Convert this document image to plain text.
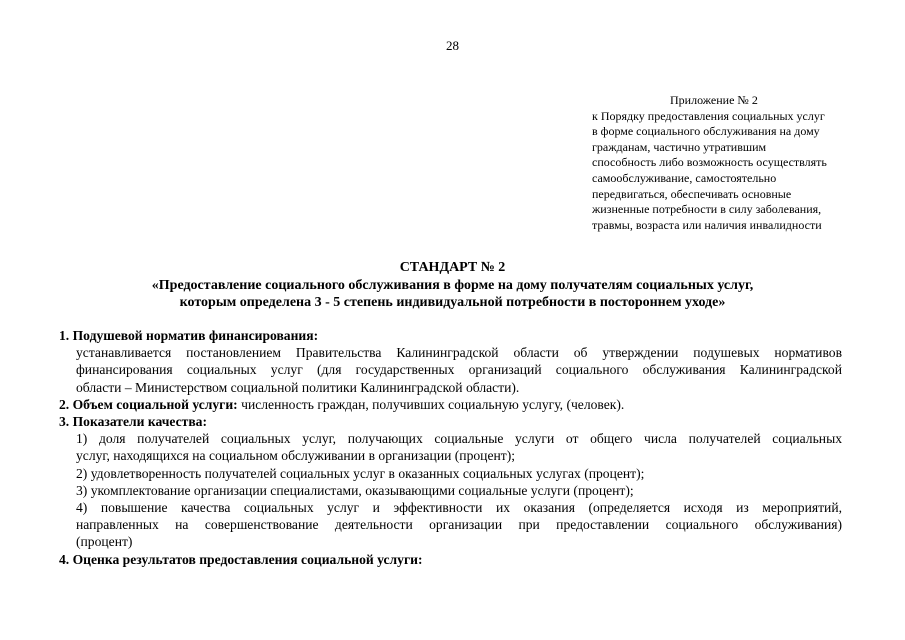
28
Приложение № 2
к Порядку предоставления социальных услуг
в форме социального обслуживания на дому
гражданам, частично утратившим
способность либо возможность осуществлять
самообслуживание, самостоятельно
передвигаться, обеспечивать основные
жизненные потребности в силу заболевания,
травмы, возраста или наличия инвалидности
СТАНДАРТ № 2
«Предоставление социального обслуживания в форме на дому получателям социальных услуг,
которым определена 3 - 5 степень индивидуальной потребности в постороннем уходе»
1. Подушевой норматив финансирования:
устанавливается постановлением Правительства Калининградской области об утверждении подушевых нормативов
финансирования социальных услуг (для государственных организаций социального обслуживания Калининградской
области – Министерством социальной политики Калининградской области).
2. Объем социальной услуги: численность граждан, получивших социальную услугу, (человек).
3. Показатели качества:
1) доля получателей социальных услуг, получающих социальные услуги от общего числа получателей социальных
услуг, находящихся на социальном обслуживании в организации (процент);
2) удовлетворенность получателей социальных услуг в оказанных социальных услугах (процент);
3) укомплектование организации специалистами, оказывающими социальные услуги (процент);
4) повышение качества социальных услуг и эффективности их оказания (определяется исходя из мероприятий,
направленных на совершенствование деятельности организации при предоставлении социального обслуживания)
(процент)
4. Оценка результатов предоставления социальной услуги:
